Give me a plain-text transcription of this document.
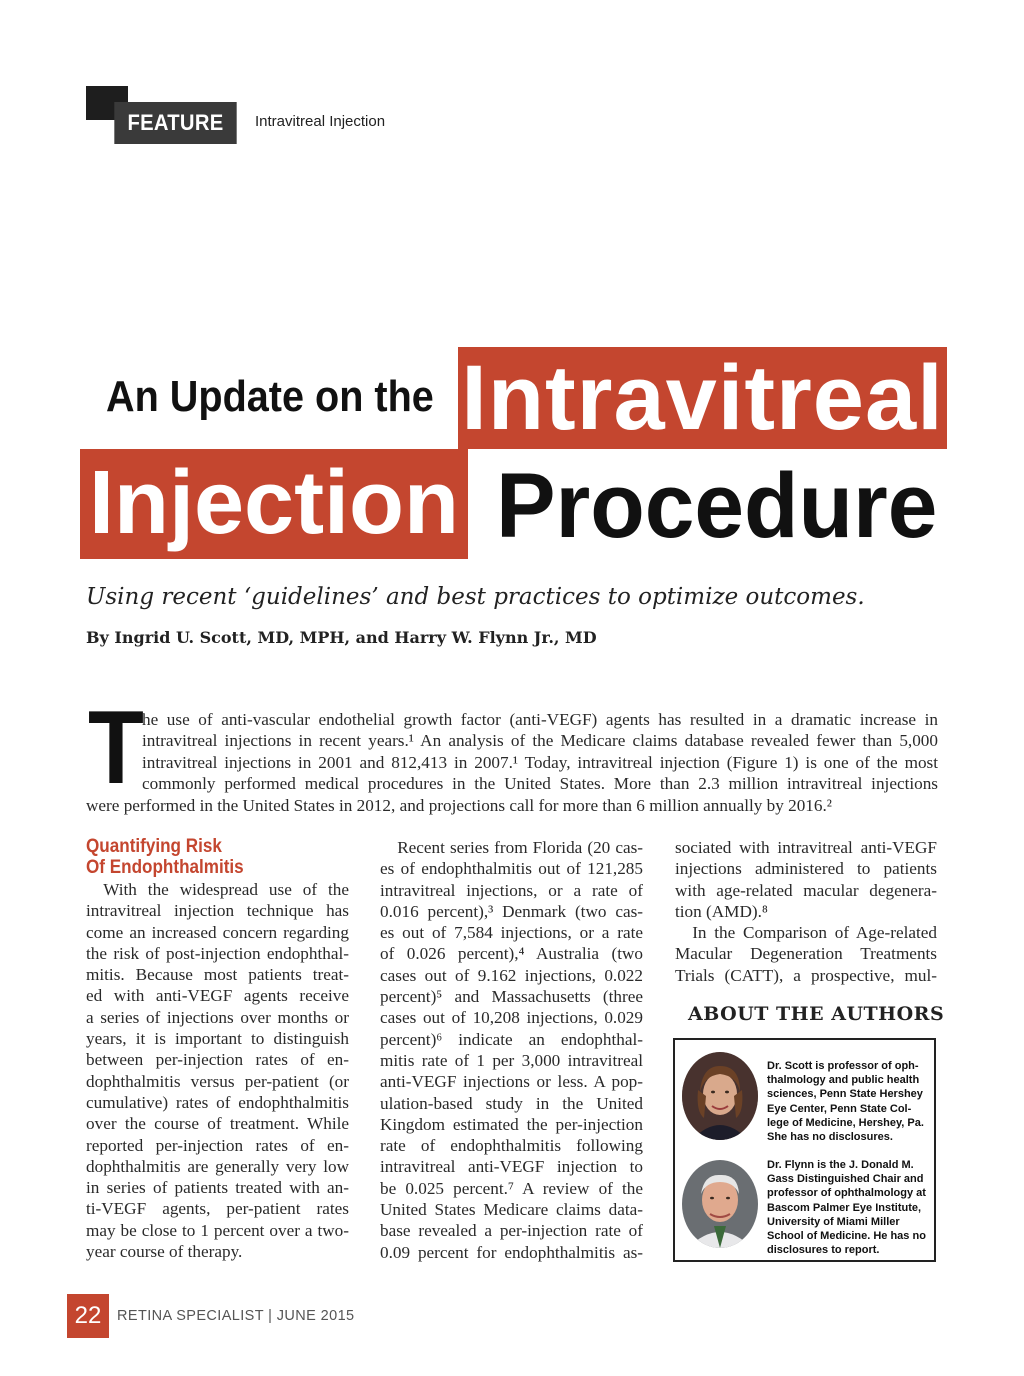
FEATURE	Intravitreal Injection
An Update on the Intravitreal
Injection Procedure
Using recent ‘guidelines’ and best practices to optimize outcomes.
By Ingrid U. Scott, MD, MPH, and Harry W. Flynn Jr., MD
T
he use of anti-vascular endothelial growth factor (anti-VEGF) agents has resulted in a dramatic increase in
intravitreal injections in recent years.¹ An analysis of the Medicare claims database revealed fewer than 5,000
intravitreal injections in 2001 and 812,413 in 2007.¹ Today, intravitreal injection (Figure 1) is one of the most
commonly performed medical procedures in the United States. More than 2.3 million intravitreal injections
were performed in the United States in 2012, and projections call for more than 6 million annually by 2016.²
Quantifying Risk
Of Endophthalmitis
 With the widespread use of the
intravitreal injection technique has
come an increased concern regarding
the risk of post-injection endophthal-
mitis. Because most patients treat-
ed with anti-VEGF agents receive
a series of injections over months or
years, it is important to distinguish
between per-injection rates of en-
dophthalmitis versus per-patient (or
cumulative) rates of endophthalmitis
over the course of treatment. While
reported per-injection rates of en-
dophthalmitis are generally very low
in series of patients treated with an-
ti-VEGF agents, per-patient rates
may be close to 1 percent over a two-
year course of therapy.
 Recent series from Florida (20 cas-
es of endophthalmitis out of 121,285
intravitreal injections, or a rate of
0.016 percent),³ Denmark (two cas-
es out of 7,584 injections, or a rate
of 0.026 percent),⁴ Australia (two
cases out of 9.162 injections, 0.022
percent)⁵ and Massachusetts (three
cases out of 10,208 injections, 0.029
percent)⁶ indicate an endophthal-
mitis rate of 1 per 3,000 intravitreal
anti-VEGF injections or less. A pop-
ulation-based study in the United
Kingdom estimated the per-injection
rate of endophthalmitis following
intravitreal anti-VEGF injection to
be 0.025 percent.⁷ A review of the
United States Medicare claims data-
base revealed a per-injection rate of
0.09 percent for endophthalmitis as-
sociated with intravitreal anti-VEGF
injections administered to patients
with age-related macular degenera-
tion (AMD).⁸
 In the Comparison of Age-related
Macular Degeneration Treatments
Trials (CATT), a prospective, mul-
ABOUT THE AUTHORS
Dr. Scott is professor of oph-
thalmology and public health
sciences, Penn State Hershey
Eye Center, Penn State Col-
lege of Medicine, Hershey, Pa.
She has no disclosures.
Dr. Flynn is the J. Donald M.
Gass Distinguished Chair and
professor of ophthalmology at
Bascom Palmer Eye Institute,
University of Miami Miller
School of Medicine. He has no
disclosures to report.
22	RETINA SPECIALIST | JUNE 2015
